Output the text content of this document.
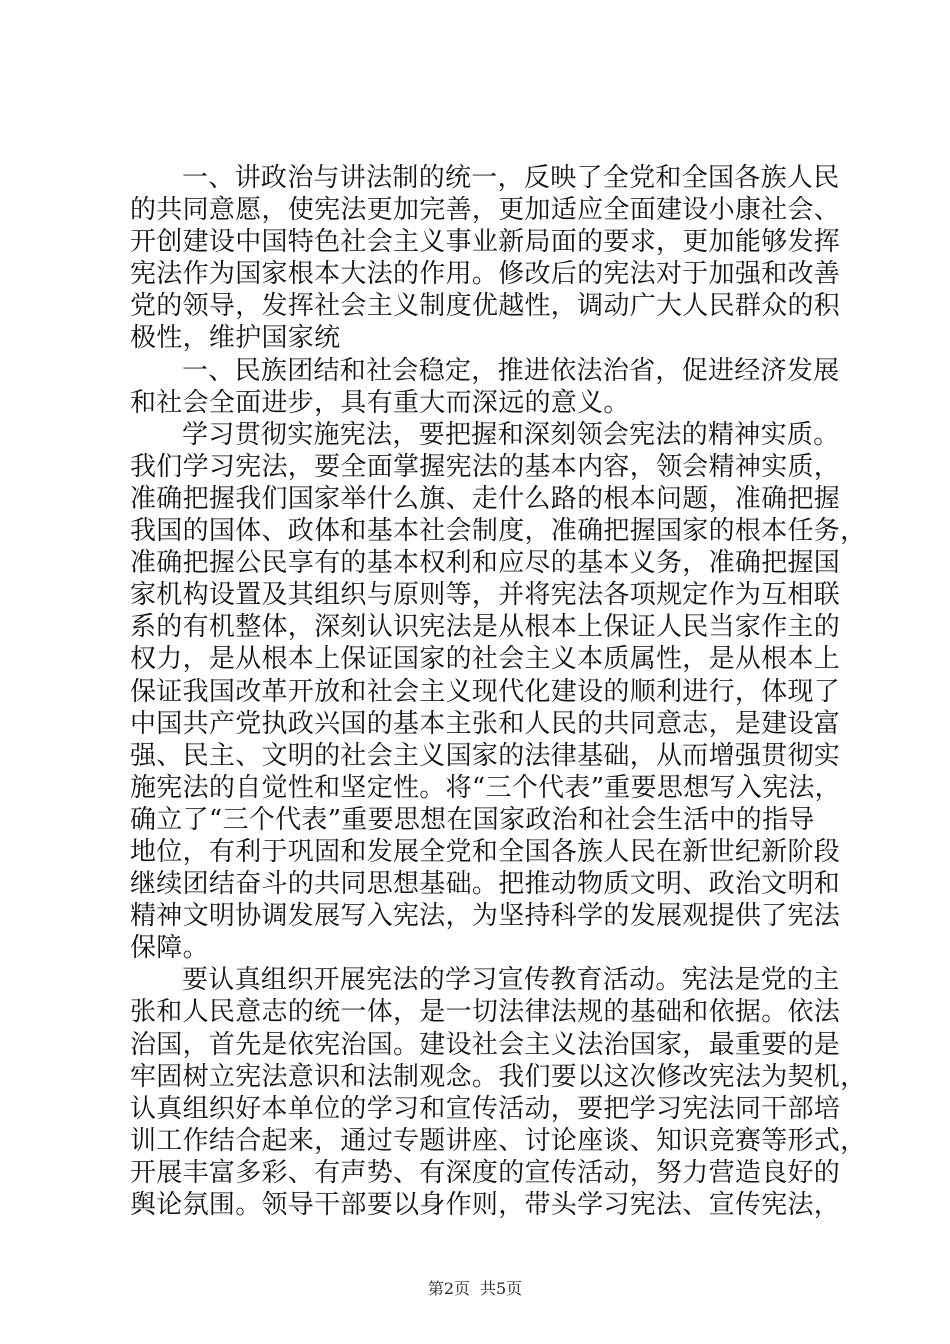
一、讲政治与讲法制的统一，反映了全党和全国各族人民
的共同意愿，使宪法更加完善，更加适应全面建设小康社会、
开创建设中国特色社会主义事业新局面的要求，更加能够发挥
宪法作为国家根本大法的作用。修改后的宪法对于加强和改善
党的领导，发挥社会主义制度优越性，调动广大人民群众的积
极性，维护国家统
一、民族团结和社会稳定，推进依法治省，促进经济发展
和社会全面进步，具有重大而深远的意义。
学习贯彻实施宪法，要把握和深刻领会宪法的精神实质。
我们学习宪法，要全面掌握宪法的基本内容，领会精神实质，
准确把握我们国家举什么旗、走什么路的根本问题，准确把握
我国的国体、政体和基本社会制度，准确把握国家的根本任务，
准确把握公民享有的基本权利和应尽的基本义务，准确把握国
家机构设置及其组织与原则等，并将宪法各项规定作为互相联
系的有机整体，深刻认识宪法是从根本上保证人民当家作主的
权力，是从根本上保证国家的社会主义本质属性，是从根本上
保证我国改革开放和社会主义现代化建设的顺利进行，体现了
中国共产党执政兴国的基本主张和人民的共同意志，是建设富
强、民主、文明的社会主义国家的法律基础，从而增强贯彻实
施宪法的自觉性和坚定性。将“三个代表”重要思想写入宪法，
确立了“三个代表”重要思想在国家政治和社会生活中的指导
地位，有利于巩固和发展全党和全国各族人民在新世纪新阶段
继续团结奋斗的共同思想基础。把推动物质文明、政治文明和
精神文明协调发展写入宪法，为坚持科学的发展观提供了宪法
保障。
要认真组织开展宪法的学习宣传教育活动。宪法是党的主
张和人民意志的统一体，是一切法律法规的基础和依据。依法
治国，首先是依宪治国。建设社会主义法治国家，最重要的是
牢固树立宪法意识和法制观念。我们要以这次修改宪法为契机，
认真组织好本单位的学习和宣传活动，要把学习宪法同干部培
训工作结合起来，通过专题讲座、讨论座谈、知识竞赛等形式，
开展丰富多彩、有声势、有深度的宣传活动，努力营造良好的
舆论氛围。领导干部要以身作则，带头学习宪法、宣传宪法，
第2页 共5页
